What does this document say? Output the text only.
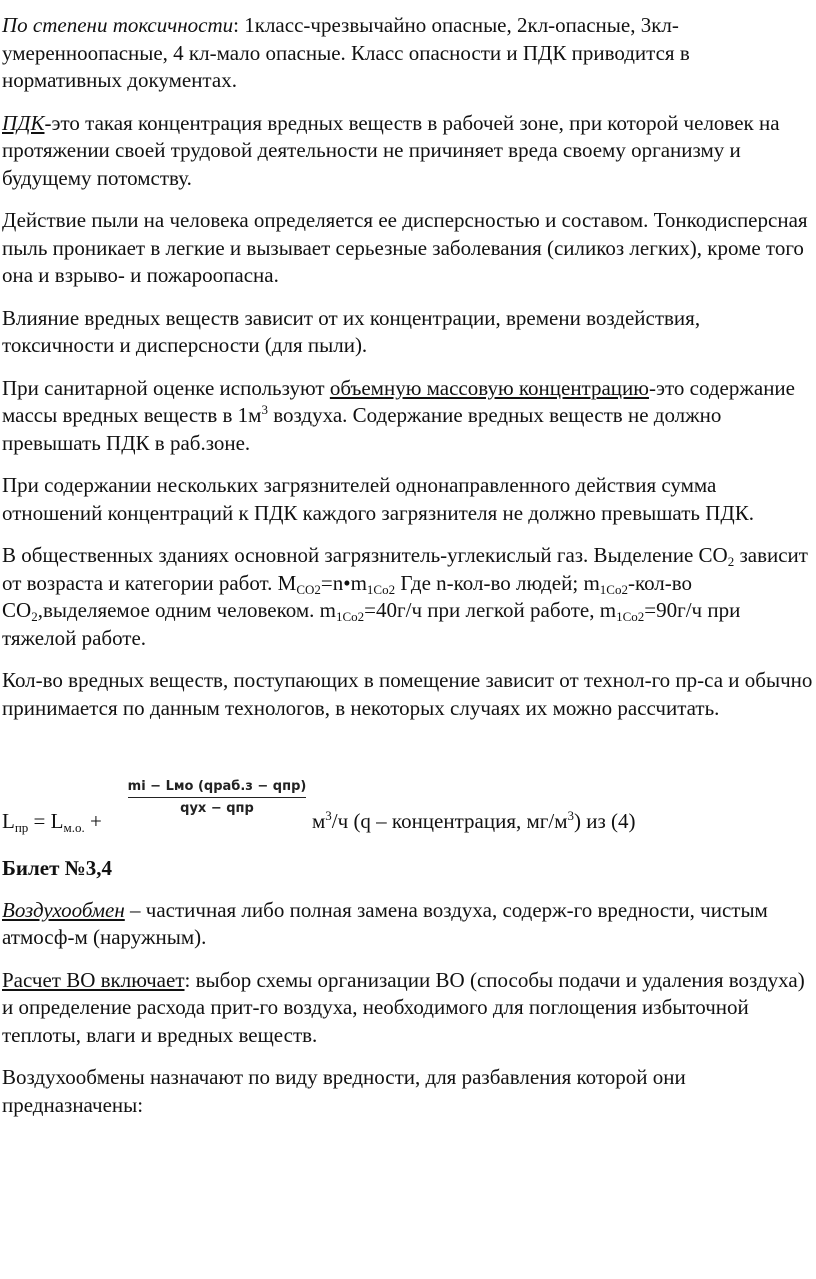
По степени токсичности: 1класс-чрезвычайно опасные, 2кл-опасные, 3кл-умеренноопасные, 4 кл-мало опасные. Класс опасности и ПДК приводится в нормативных документах.

ПДК-это такая концентрация вредных веществ в рабочей зоне, при которой человек на протяжении своей трудовой деятельности не причиняет вреда своему организму и будущему потомству.

Действие пыли на человека определяется ее дисперсностью и составом. Тонкодисперсная пыль проникает в легкие и вызывает серьезные заболевания (силикоз легких), кроме того она и взрыво- и пожароопасна.

Влияние вредных веществ зависит от их концентрации, времени воздействия, токсичности и дисперсности (для пыли).

При санитарной оценке используют объемную массовую концентрацию-это содержание массы вредных веществ в $1м^3$ воздуха. Содержание вредных веществ не должно превышать ПДК в раб.зоне.

При содержании нескольких загрязнителей однонаправленного действия сумма отношений концентраций к ПДК каждого загрязнителя не должно превышать ПДК.

В общественных зданиях основной загрязнитель-углекислый газ. Выделение $СО_2$ зависит от возраста и категории работ. $М_{СО2}=n•m_{1Co2}$ Где n-кол-во людей; $m_{1Co2}-кол-во$ $СО_2,выделяемое$ одним человеком. $m_{1Co2}=40г/ч$ при легкой работе, $m_{1Co2}=90г/ч$ при тяжелой работе.

Кол-во вредных веществ, поступающих в помещение зависит от технол-го пр-са и обычно принимается по данным технологов, в некоторых случаях их можно рассчитать.

$L_{пр} = L_{м.о.}$ +
mi − Lмо (qраб.з − qпр)
qух − qпр
$м^3/ч$ (q – концентрация, $мг/м^3$) из (4)
Билет №3,4

Воздухообмен – частичная либо полная замена воздуха, содерж-го вредности, чистым атмосф-м (наружным).

Расчет ВО включает: выбор схемы организации ВО (способы подачи и удаления воздуха) и определение расхода прит-го воздуха, необходимого для поглощения избыточной теплоты, влаги и вредных веществ.

Воздухообмены назначают по виду вредности, для разбавления которой они предназначены:
